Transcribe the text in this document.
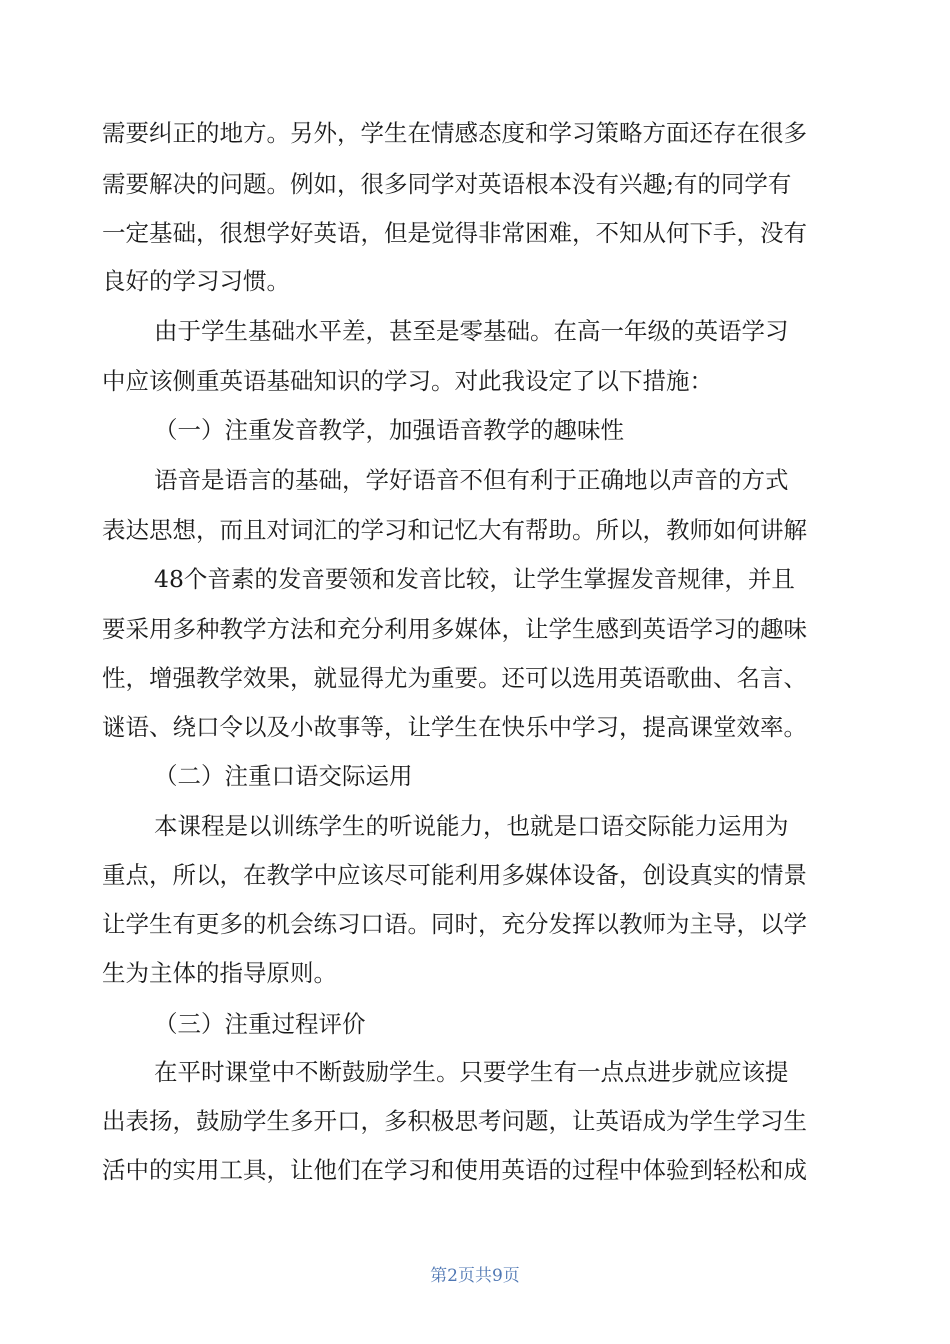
需要纠正的地方。另外，学生在情感态度和学习策略方面还存在很多
需要解决的问题。例如，很多同学对英语根本没有兴趣;有的同学有
一定基础，很想学好英语，但是觉得非常困难，不知从何下手，没有
良好的学习习惯。
由于学生基础水平差，甚至是零基础。在高一年级的英语学习
中应该侧重英语基础知识的学习。对此我设定了以下措施：
（一）注重发音教学，加强语音教学的趣味性
语音是语言的基础，学好语音不但有利于正确地以声音的方式
表达思想，而且对词汇的学习和记忆大有帮助。所以，教师如何讲解
48个音素的发音要领和发音比较，让学生掌握发音规律，并且
要采用多种教学方法和充分利用多媒体，让学生感到英语学习的趣味
性，增强教学效果，就显得尤为重要。还可以选用英语歌曲、名言、
谜语、绕口令以及小故事等，让学生在快乐中学习，提高课堂效率。
（二）注重口语交际运用
本课程是以训练学生的听说能力，也就是口语交际能力运用为
重点，所以，在教学中应该尽可能利用多媒体设备，创设真实的情景
让学生有更多的机会练习口语。同时，充分发挥以教师为主导，以学
生为主体的指导原则。
（三）注重过程评价
在平时课堂中不断鼓励学生。只要学生有一点点进步就应该提
出表扬，鼓励学生多开口，多积极思考问题，让英语成为学生学习生
活中的实用工具，让他们在学习和使用英语的过程中体验到轻松和成
第2页共9页
